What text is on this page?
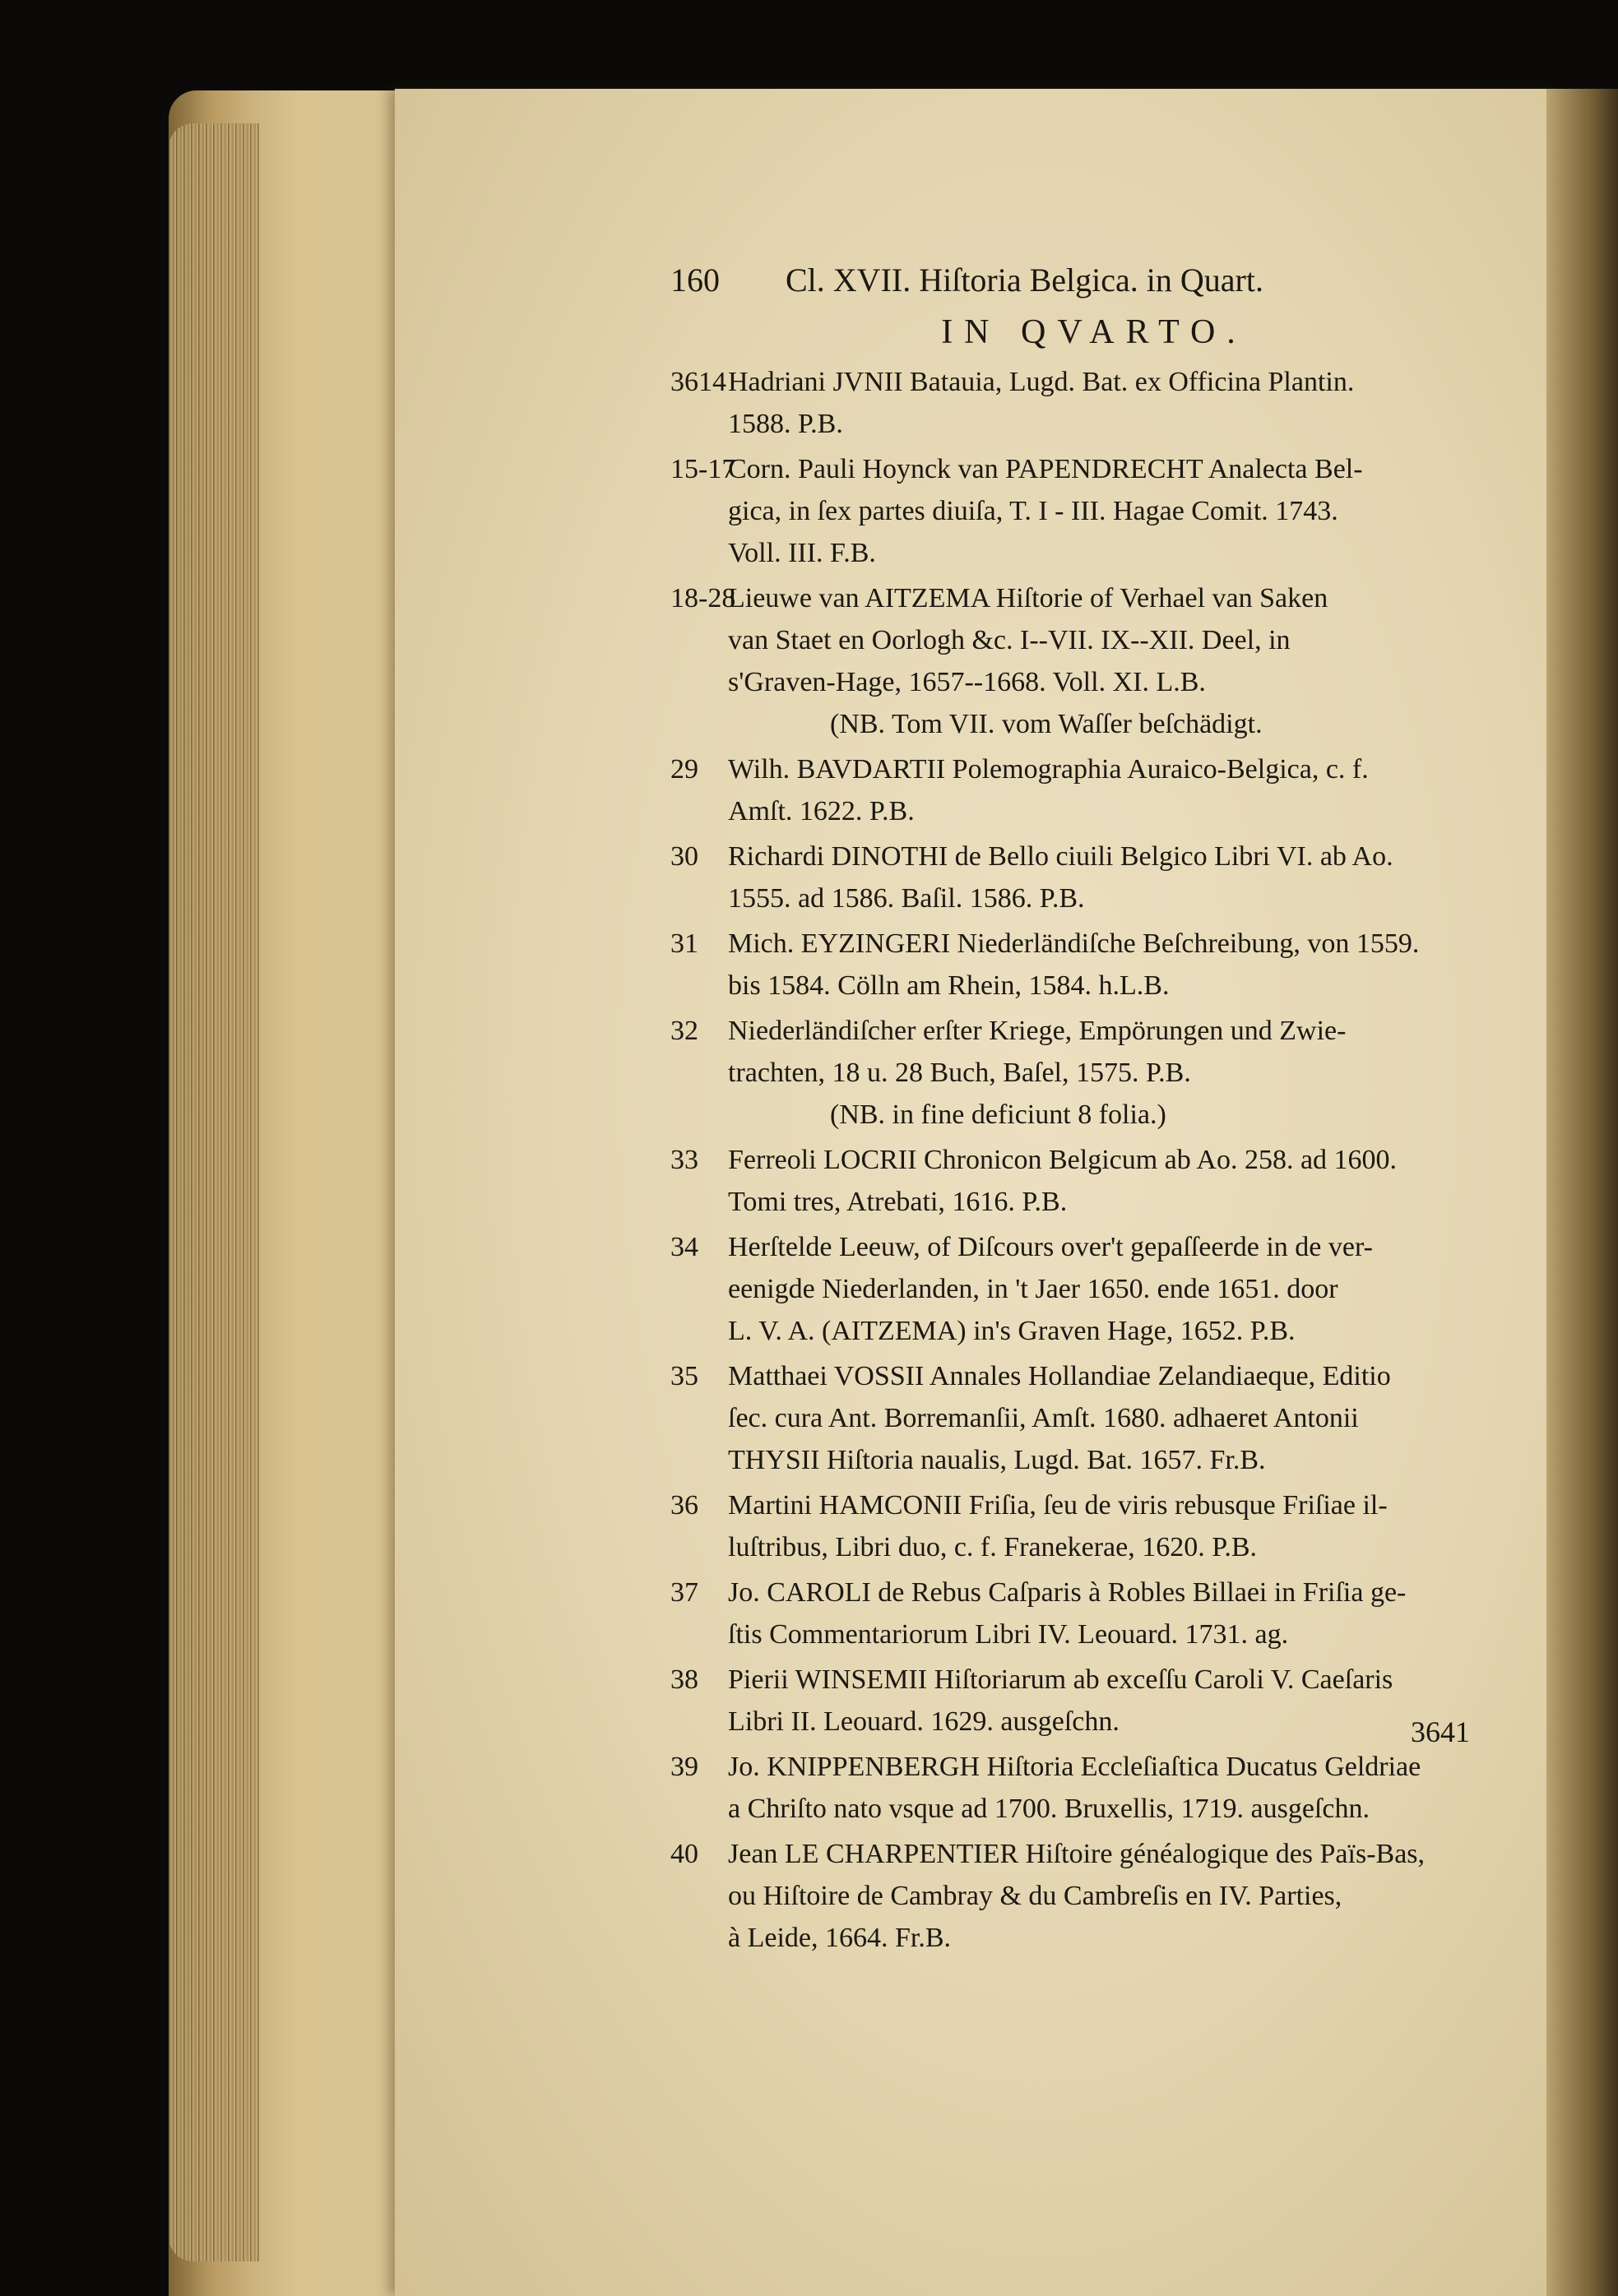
160 Cl. XVII. Hiſtoria Belgica. in Quart.
IN QVARTO.
3614 Hadriani JVNII Batauia, Lugd. Bat. ex Officina Plantin.
1588. P.B.
15-17
Corn. Pauli Hoynck van PAPENDRECHT Analecta Bel-
gica, in ſex partes diuiſa, T. I - III. Hagae Comit. 1743.
Voll. III. F.B.
18-28
Lieuwe van AITZEMA Hiſtorie of Verhael van Saken
van Staet en Oorlogh &c. I--VII. IX--XII. Deel, in
s'Graven-Hage, 1657--1668. Voll. XI. L.B.
(NB. Tom VII. vom Waſſer beſchädigt.
29 Wilh. BAVDARTII Polemographia Auraico-Belgica, c. f.
Amſt. 1622. P.B.
30 Richardi DINOTHI de Bello ciuili Belgico Libri VI. ab Ao.
1555. ad 1586. Baſil. 1586. P.B.
31 Mich. EYZINGERI Niederländiſche Beſchreibung, von 1559.
bis 1584. Cölln am Rhein, 1584. h.L.B.
32 Niederländiſcher erſter Kriege, Empörungen und Zwie-
trachten, 18 u. 28 Buch, Baſel, 1575. P.B.
(NB. in fine deficiunt 8 folia.)
33 Ferreoli LOCRII Chronicon Belgicum ab Ao. 258. ad 1600.
Tomi tres, Atrebati, 1616. P.B.
34 Herſtelde Leeuw, of Diſcours over't gepaſſeerde in de ver-
eenigde Niederlanden, in 't Jaer 1650. ende 1651. door
L. V. A. (AITZEMA) in's Graven Hage, 1652. P.B.
35 Matthaei VOSSII Annales Hollandiae Zelandiaeque, Editio
ſec. cura Ant. Borremanſii, Amſt. 1680. adhaeret Antonii
THYSII Hiſtoria naualis, Lugd. Bat. 1657. Fr.B.
36 Martini HAMCONII Friſia, ſeu de viris rebusque Friſiae il-
luſtribus, Libri duo, c. f. Franekerae, 1620. P.B.
37 Jo. CAROLI de Rebus Caſparis à Robles Billaei in Friſia ge-
ſtis Commentariorum Libri IV. Leouard. 1731. ag.
38 Pierii WINSEMII Hiſtoriarum ab exceſſu Caroli V. Caeſaris
Libri II. Leouard. 1629. ausgeſchn.
39 Jo. KNIPPENBERGH Hiſtoria Eccleſiaſtica Ducatus Geldriae
a Chriſto nato vsque ad 1700. Bruxellis, 1719. ausgeſchn.
40 Jean LE CHARPENTIER Hiſtoire généalogique des Païs-Bas,
ou Hiſtoire de Cambray & du Cambreſis en IV. Parties,
à Leide, 1664. Fr.B.
3641
